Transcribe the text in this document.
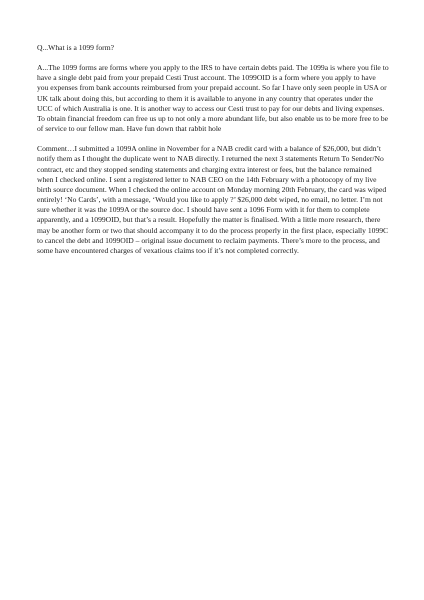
Q...What is a 1099 form?

A...The 1099 forms are forms where you apply to the IRS to have certain debts paid. The 1099a is where you file to have a single debt paid from your prepaid Cesti Trust account. The 1099OID is a form where you apply to have you expenses from bank accounts reimbursed from your prepaid account. So far I have only seen people in USA or UK talk about doing this, but according to them it is available to anyone in any country that operates under the UCC of which Australia is one. It is another way to access our Cesti trust to pay for our debts and living expenses. To obtain financial freedom can free us up to not only a more abundant life, but also enable us to be more free to be of service to our fellow man. Have fun down that rabbit hole

Comment…I submitted a 1099A online in November for a NAB credit card with a balance of $26,000, but didn’t notify them as I thought the duplicate went to NAB directly. I returned the next 3 statements Return To Sender/No contract, etc and they stopped sending statements and charging extra interest or fees, but the balance remained when I checked online. I sent a registered letter to NAB CEO on the 14th February with a photocopy of my live birth source document. When I checked the online account on Monday morning 20th February, the card was wiped entirely! ‘No Cards’, with a message, ‘Would you like to apply ?’ $26,000 debt wiped, no email, no letter. I’m not sure whether it was the 1099A or the source doc. I should have sent a 1096 Form with it for them to complete apparently, and a 1099OID, but that’s a result. Hopefully the matter is finalised. With a little more research, there may be another form or two that should accompany it to do the process properly in the first place, especially 1099C to cancel the debt and 1099OID – original issue document to reclaim payments. There’s more to the process, and some have encountered charges of vexatious claims too if it’s not completed correctly.
